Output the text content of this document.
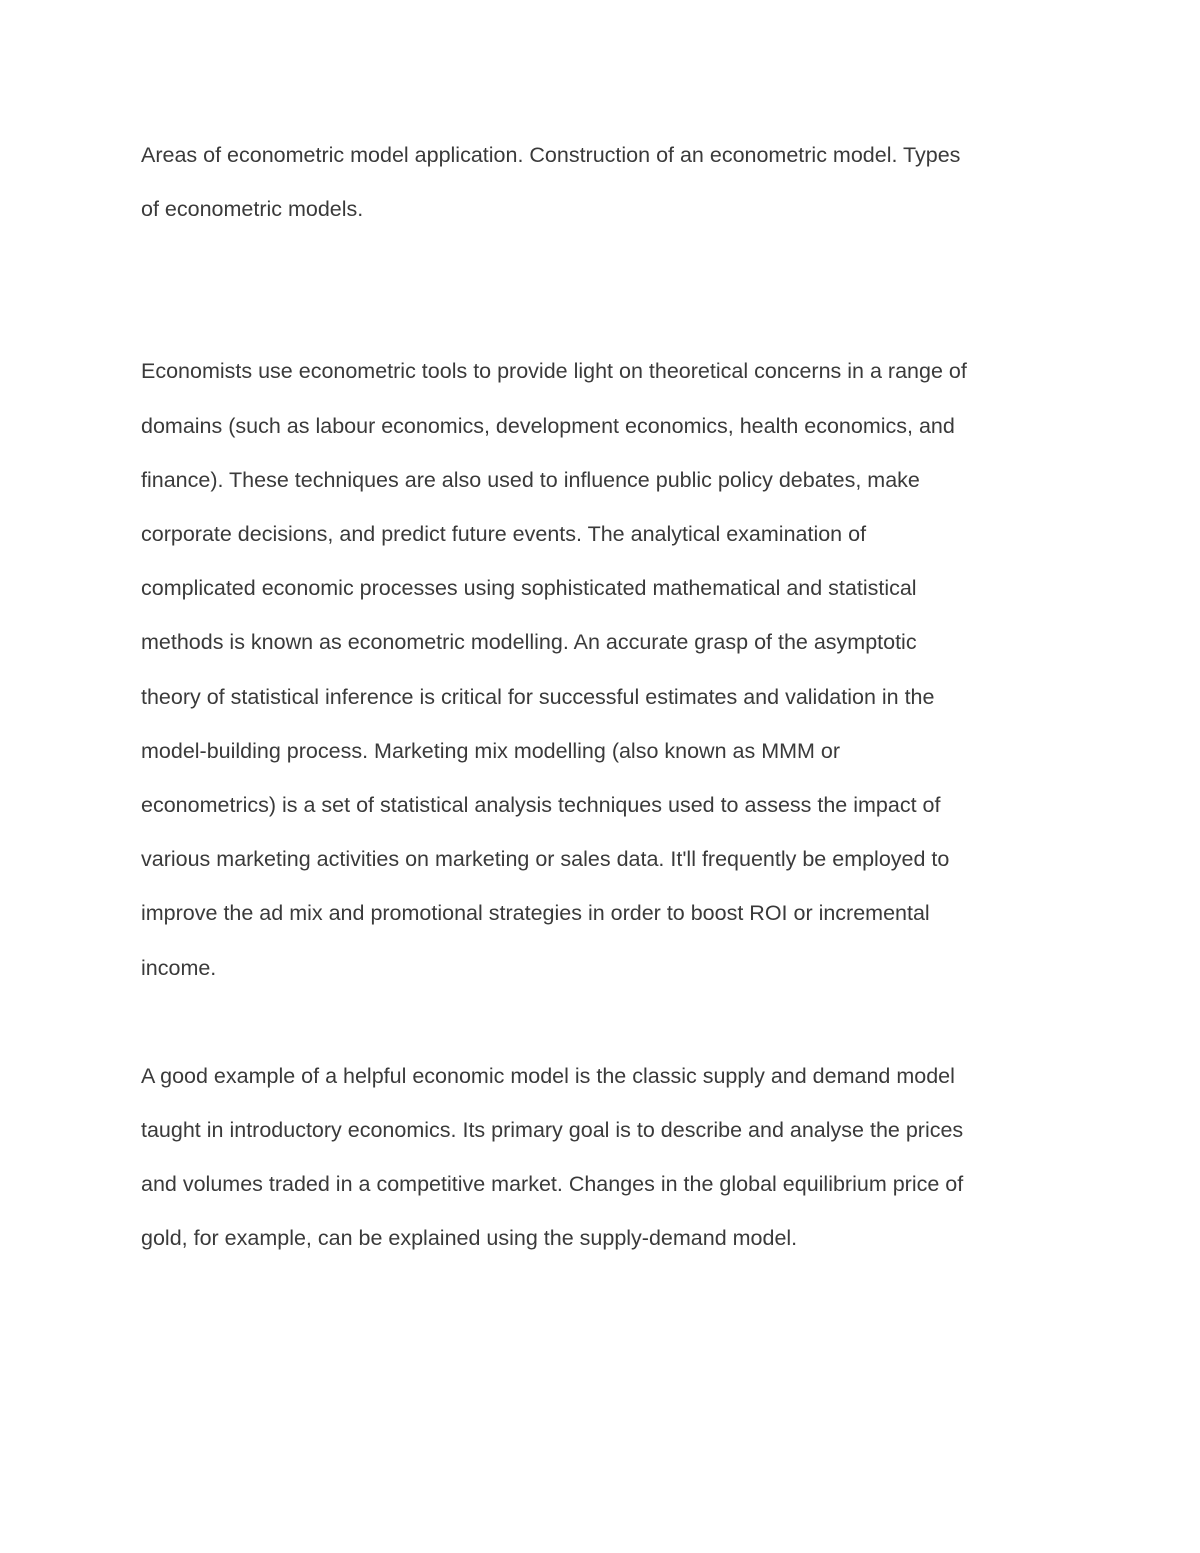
Areas of econometric model application. Construction of an econometric model. Types
of econometric models.

Economists use econometric tools to provide light on theoretical concerns in a range of
domains (such as labour economics, development economics, health economics, and
finance). These techniques are also used to influence public policy debates, make
corporate decisions, and predict future events. The analytical examination of
complicated economic processes using sophisticated mathematical and statistical
methods is known as econometric modelling. An accurate grasp of the asymptotic
theory of statistical inference is critical for successful estimates and validation in the
model-building process. Marketing mix modelling (also known as MMM or
econometrics) is a set of statistical analysis techniques used to assess the impact of
various marketing activities on marketing or sales data. It'll frequently be employed to
improve the ad mix and promotional strategies in order to boost ROI or incremental
income.

A good example of a helpful economic model is the classic supply and demand model
taught in introductory economics. Its primary goal is to describe and analyse the prices
and volumes traded in a competitive market. Changes in the global equilibrium price of
gold, for example, can be explained using the supply-demand model.
